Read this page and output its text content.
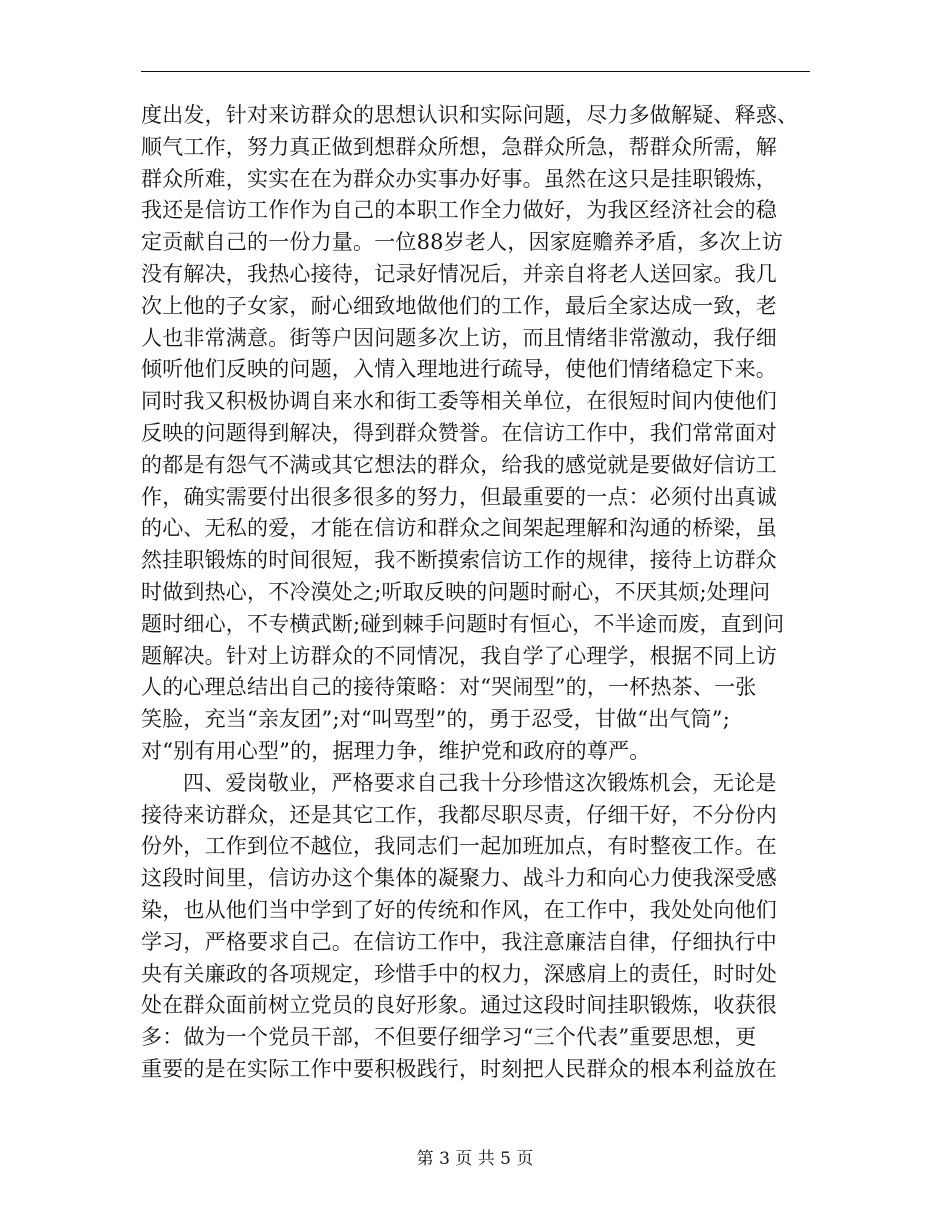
度出发，针对来访群众的思想认识和实际问题，尽力多做解疑、释惑、
顺气工作，努力真正做到想群众所想，急群众所急，帮群众所需，解
群众所难，实实在在为群众办实事办好事。虽然在这只是挂职锻炼，
我还是信访工作作为自己的本职工作全力做好，为我区经济社会的稳
定贡献自己的一份力量。一位88岁老人，因家庭赡养矛盾，多次上访
没有解决，我热心接待，记录好情况后，并亲自将老人送回家。我几
次上他的子女家，耐心细致地做他们的工作，最后全家达成一致，老
人也非常满意。街等户因问题多次上访，而且情绪非常激动，我仔细
倾听他们反映的问题，入情入理地进行疏导，使他们情绪稳定下来。
同时我又积极协调自来水和街工委等相关单位，在很短时间内使他们
反映的问题得到解决，得到群众赞誉。在信访工作中，我们常常面对
的都是有怨气不满或其它想法的群众，给我的感觉就是要做好信访工
作，确实需要付出很多很多的努力，但最重要的一点：必须付出真诚
的心、无私的爱，才能在信访和群众之间架起理解和沟通的桥梁，虽
然挂职锻炼的时间很短，我不断摸索信访工作的规律，接待上访群众
时做到热心，不冷漠处之;听取反映的问题时耐心，不厌其烦;处理问
题时细心，不专横武断;碰到棘手问题时有恒心，不半途而废，直到问
题解决。针对上访群众的不同情况，我自学了心理学，根据不同上访
人的心理总结出自己的接待策略：对“哭闹型”的，一杯热茶、一张
笑脸，充当“亲友团”;对“叫骂型”的，勇于忍受，甘做“出气筒”;
对“别有用心型”的，据理力争，维护党和政府的尊严。
四、爱岗敬业，严格要求自己我十分珍惜这次锻炼机会，无论是
接待来访群众，还是其它工作，我都尽职尽责，仔细干好，不分份内
份外，工作到位不越位，我同志们一起加班加点，有时整夜工作。在
这段时间里，信访办这个集体的凝聚力、战斗力和向心力使我深受感
染，也从他们当中学到了好的传统和作风，在工作中，我处处向他们
学习，严格要求自己。在信访工作中，我注意廉洁自律，仔细执行中
央有关廉政的各项规定，珍惜手中的权力，深感肩上的责任，时时处
处在群众面前树立党员的良好形象。通过这段时间挂职锻炼，收获很
多：做为一个党员干部，不但要仔细学习“三个代表”重要思想，更
重要的是在实际工作中要积极践行，时刻把人民群众的根本利益放在
第 3 页 共 5 页
